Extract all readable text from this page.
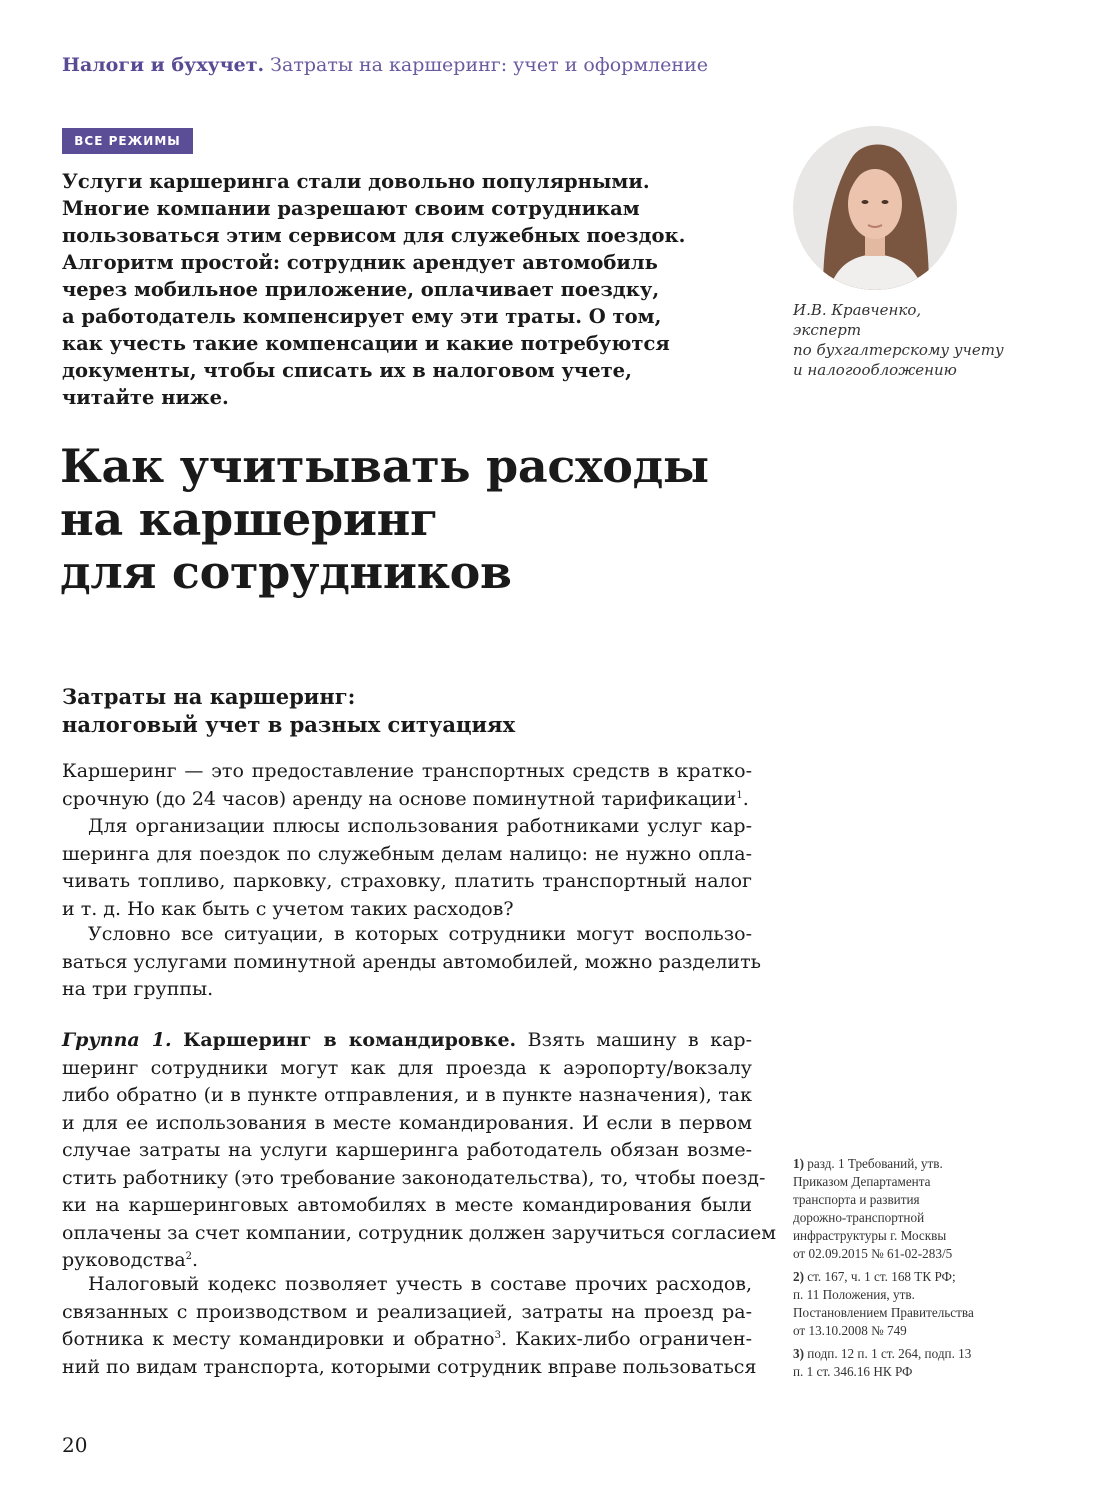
Налоги и бухучет. Затраты на каршеринг: учет и оформление
ВСЕ РЕЖИМЫ
Услуги каршеринга стали довольно популярными.
Многие компании разрешают своим сотрудникам
пользоваться этим сервисом для служебных поездок.
Алгоритм простой: сотрудник арендует автомобиль
через мобильное приложение, оплачивает поездку,
а работодатель компенсирует ему эти траты. О том,
как учесть такие компенсации и какие потребуются
документы, чтобы списать их в налоговом учете,
читайте ниже.
И.В. Кравченко,
эксперт
по бухгалтерскому учету
и налогообложению
Как учитывать расходы
на каршеринг
для сотрудников
Затраты на каршеринг:
налоговый учет в разных ситуациях
Каршеринг — это предоставление транспортных средств в кратко-
срочную (до 24 часов) аренду на основе поминутной тарификации$^1$.
Для организации плюсы использования работниками услуг кар-
шеринга для поездок по служебным делам налицо: не нужно опла-
чивать топливо, парковку, страховку, платить транспортный налог
и т. д. Но как быть с учетом таких расходов?
Условно все ситуации, в которых сотрудники могут воспользо-
ваться услугами поминутной аренды автомобилей, можно разделить
на три группы.
Группа 1. Каршеринг в командировке. Взять машину в кар-
шеринг сотрудники могут как для проезда к аэропорту/вокзалу
либо обратно (и в пункте отправления, и в пункте назначения), так
и для ее использования в месте командирования. И если в первом
случае затраты на услуги каршеринга работодатель обязан возме-
стить работнику (это требование законодательства), то, чтобы поезд-
ки на каршеринговых автомобилях в месте командирования были
оплачены за счет компании, сотрудник должен заручиться согласием
руководства$^2$.
Налоговый кодекс позволяет учесть в составе прочих расходов,
связанных с производством и реализацией, затраты на проезд ра-
ботника к месту командировки и обратно$^3$. Каких-либо ограничен-
ний по видам транспорта, которыми сотрудник вправе пользоваться
1) разд. 1 Требований, утв.
Приказом Департамента
транспорта и развития
дорожно-транспортной
инфраструктуры г. Москвы
от 02.09.2015 № 61-02-283/5
2) ст. 167, ч. 1 ст. 168 ТК РФ;
п. 11 Положения, утв.
Постановлением Правительства
от 13.10.2008 № 749
3) подп. 12 п. 1 ст. 264, подп. 13
п. 1 ст. 346.16 НК РФ
20
